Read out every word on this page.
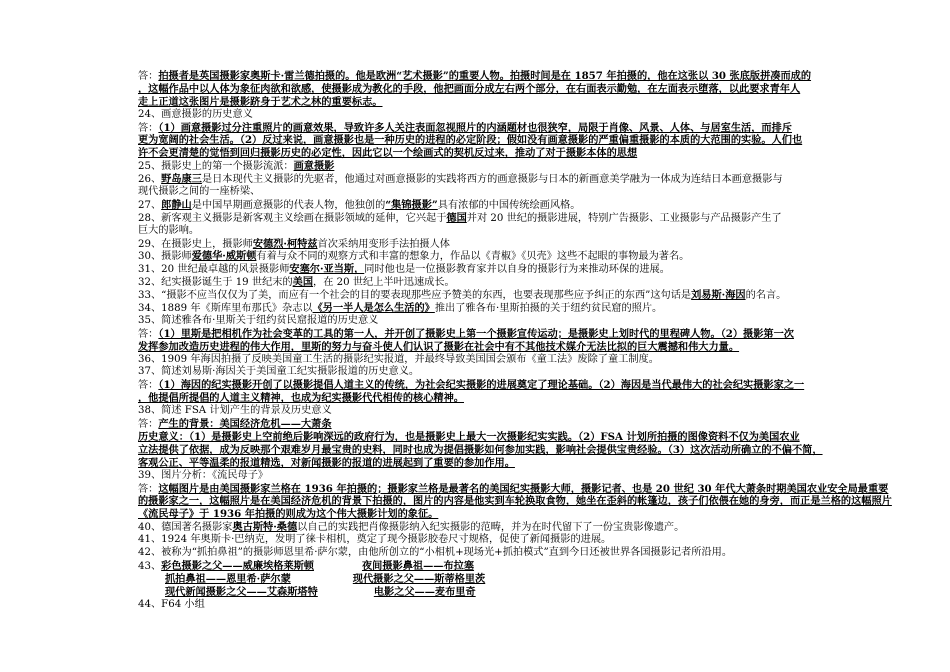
答：拍摄者是英国摄影家奥斯卡·雷兰德拍摄的。他是欧洲“艺术摄影”的重要人物。拍摄时间是在 1857 年拍摄的，他在这张以 30 张底版拼凑而成的
，这幅作品中以人体为象征肉欲和欲感，使摄影成为教化的手段，他把画面分成左右两个部分，在右面表示勤勉，在左面表示堕落，以此要求青年人
走上正道这张图片是摄影跻身于艺术之林的重要标志。
24、画意摄影的历史意义
答：（1）画意摄影过分注重照片的画意效果，导致许多人关注表面忽视照片的内涵题材也很狭窄，局限于肖像、风景、人体、与居室生活，而排斥
更为宽阔的社会生活。（2）反过来说，画意摄影也是一种历史的进程的必定阶段；假如没有画意摄影的严重偏重摄影的本质的大范围的实验。人们也
许不会更清楚的觉悟到回归摄影历史的必定性，因此它以一个绘画式的契机反过来，推动了对于摄影本体的思想
25、摄影史上的第一个摄影流派：画意摄影
26、野岛康三是日本现代主义摄影的先驱者，他通过对画意摄影的实践将西方的画意摄影与日本的新画意美学融为一体成为连结日本画意摄影与
现代摄影之间的一座桥梁、
27、郎静山是中国早期画意摄影的代表人物，他独创的“集锦摄影”具有浓郁的中国传统绘画风格。
28、新客观主义摄影是新客观主义绘画在摄影领域的延伸，它兴起于德国并对 20 世纪的摄影进展，特别广告摄影、工业摄影与产品摄影产生了
巨大的影响。
29、在摄影史上，摄影师安德烈·柯特兹首次采纳用变形手法拍摄人体
30、摄影师爱德华·威斯顿有着与众不同的观察方式和丰富的想象力，作品以《青椒》《贝壳》这些不起眼的事物最为著名。
31、20 世纪最卓越的风景摄影师安塞尔·亚当斯，同时他也是一位摄影教育家并以自身的摄影行为来推动环保的进展。
32、纪实摄影诞生于 19 世纪末的美国，在 20 世纪上半叶迅速成长。
33、“摄影不应当仅仅为了美，而应有一个社会的目的要表现那些应予赞美的东西，也要表现那些应予纠正的东西”这句话是刘易斯·海因的名言。
34、1889 年《斯库里布那氏》杂志以《另一半人是怎么生活的》推出了雅各布·里斯拍摄的关于纽约贫民窟的照片。
35、简述雅各布·里斯关于纽约贫民窟报道的历史意义
答：（1）里斯是把相机作为社会变革的工具的第一人，并开创了摄影史上第一个摄影宣传运动；是摄影史上划时代的里程碑人物。（2）摄影第一次
发挥参加改造历史进程的伟大作用，里斯的努力与奋斗使人们认识了摄影在社会中有不其他技术媒介无法比拟的巨大震撼和伟大力量。
36、1909 年海因拍摄了反映美国童工生活的摄影纪实报道，并最终导致美国国会颁布《童工法》废除了童工制度。
37、简述刘易斯·海因关于美国童工纪实摄影报道的历史意义。
答：（1）海因的纪实摄影开创了以摄影提倡人道主义的传统，为社会纪实摄影的进展奠定了理论基础。（2）海因是当代最伟大的社会纪实摄影家之一
，他提倡所提倡的人道主义精神，也成为纪实摄影代代相传的核心精神。
38、简述 FSA 计划产生的背景及历史意义
答：产生的背景：美国经济危机——大萧条
历史意义：（1）是摄影史上空前绝后影响深远的政府行为，也是摄影史上最大一次摄影纪实实践。（2）FSA 计划所拍摄的图像资料不仅为美国农业
立法提供了依据，成为反映那个艰难岁月最宝贵的史料，同时也成为提倡摄影如何参加实践，影响社会提供宝贵经验。（3）这次活动所确立的不偏不简，
客观公正、平等温柔的报道精选，对新闻摄影的报道的进展起到了重要的参加作用。
39、图片分析：《流民母子》
答：这幅图片是由美国摄影家兰格在 1936 年拍摄的；摄影家兰格是最著名的美国纪实摄影大师，摄影记者、也是 20 世纪 30 年代大萧条时期美国农业安全局最重要
的摄影家之一，这幅照片是在美国经济危机的背景下拍摄的，图片的内容是他实到车轮换取食物，她坐在歪斜的帐篷边，孩子们依偎在她的身旁，而正是兰格的这幅照片
《流民母子》于 1936 年拍摄的则成为这个伟大摄影计划的象征。
40、德国著名摄影家奥古斯特·桑德以自己的实践把肖像摄影纳入纪实摄影的范畴，并为在时代留下了一份宝贵影像遗产。
41、1924 年奥斯卡·巴纳克，发明了徕卡相机，奠定了现今摄影胶卷尺寸规格，促使了新闻摄影的进展。
42、被称为“抓拍鼻祖”的摄影师恩里希·萨尔蒙，由他所创立的“小相机+现场光+抓拍模式”直到今日还被世界各国摄影记者所沿用。
43、彩色摄影之父——威廉埃格莱斯顿	夜间摄影鼻祖——布拉塞
抓拍鼻祖——恩里希·萨尔蒙	现代摄影之父——斯蒂格里茨
现代新闻摄影之父——艾森斯塔特	电影之父——麦布里奇
44、F64 小组
